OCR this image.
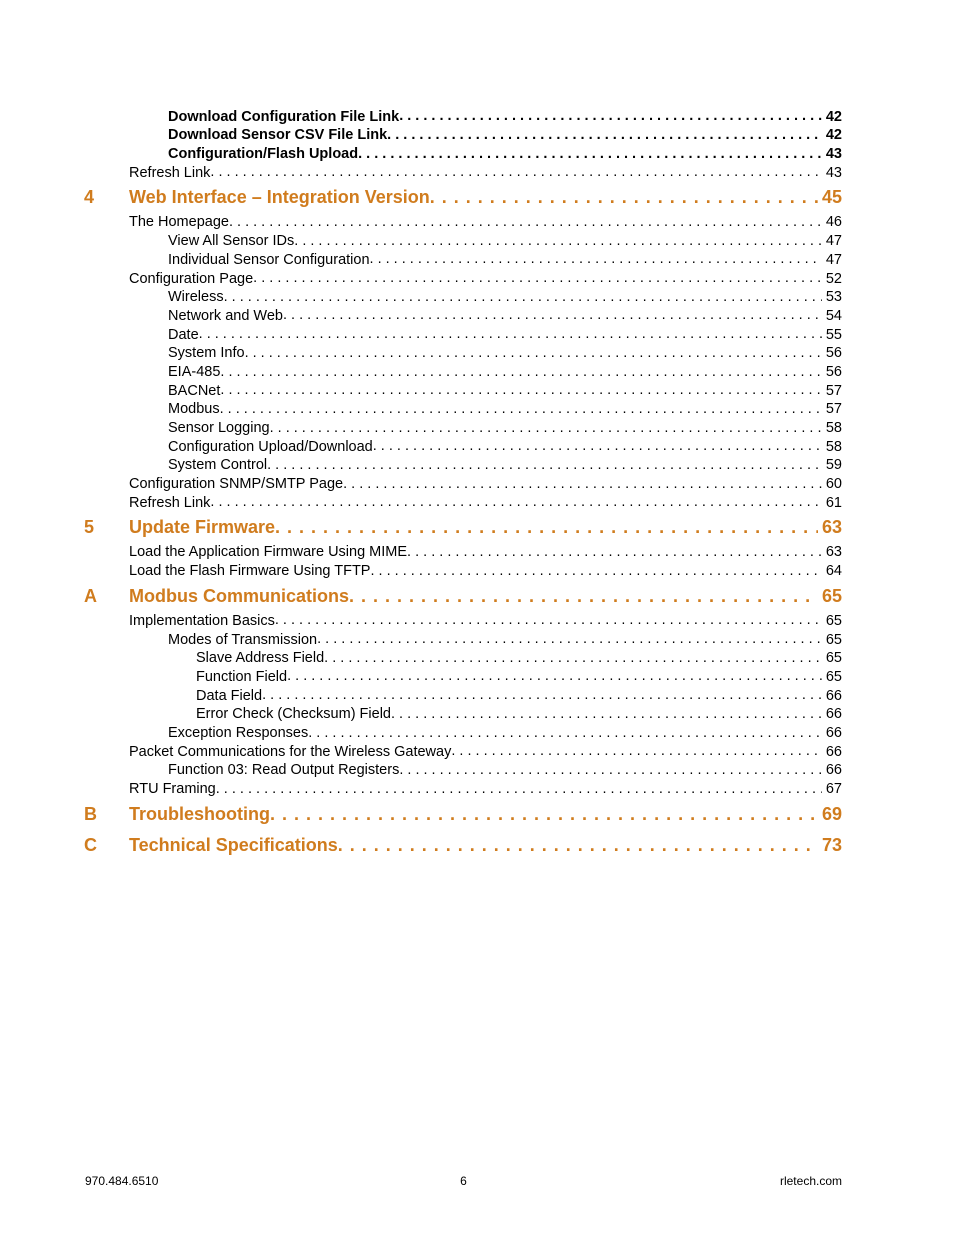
Download Configuration File Link . . .	42
Download Sensor CSV File Link . . .	42
Configuration/Flash Upload . . .	43
Refresh Link . . .	43
4	Web Interface – Integration Version . . .	45
The Homepage . . .	46
View All Sensor IDs . . .	47
Individual Sensor Configuration . . .	47
Configuration Page . . .	52
Wireless . . .	53
Network and Web . . .	54
Date . . .	55
System Info . . .	56
EIA-485 . . .	56
BACNet . . .	57
Modbus . . .	57
Sensor Logging . . .	58
Configuration Upload/Download . . .	58
System Control . . .	59
Configuration SNMP/SMTP Page . . .	60
Refresh Link . . .	61
5	Update Firmware . . .	63
Load the Application Firmware Using MIME . . .	63
Load the Flash Firmware Using TFTP . . .	64
A	Modbus Communications . . .	65
Implementation Basics . . .	65
Modes of Transmission . . .	65
Slave Address Field . . .	65
Function Field . . .	65
Data Field . . .	66
Error Check (Checksum) Field . . .	66
Exception Responses . . .	66
Packet Communications for the Wireless Gateway . . .	66
Function 03: Read Output Registers . . .	66
RTU Framing . . .	67
B	Troubleshooting . . .	69
C	Technical Specifications . . .	73
970.484.6510	6	rletech.com
